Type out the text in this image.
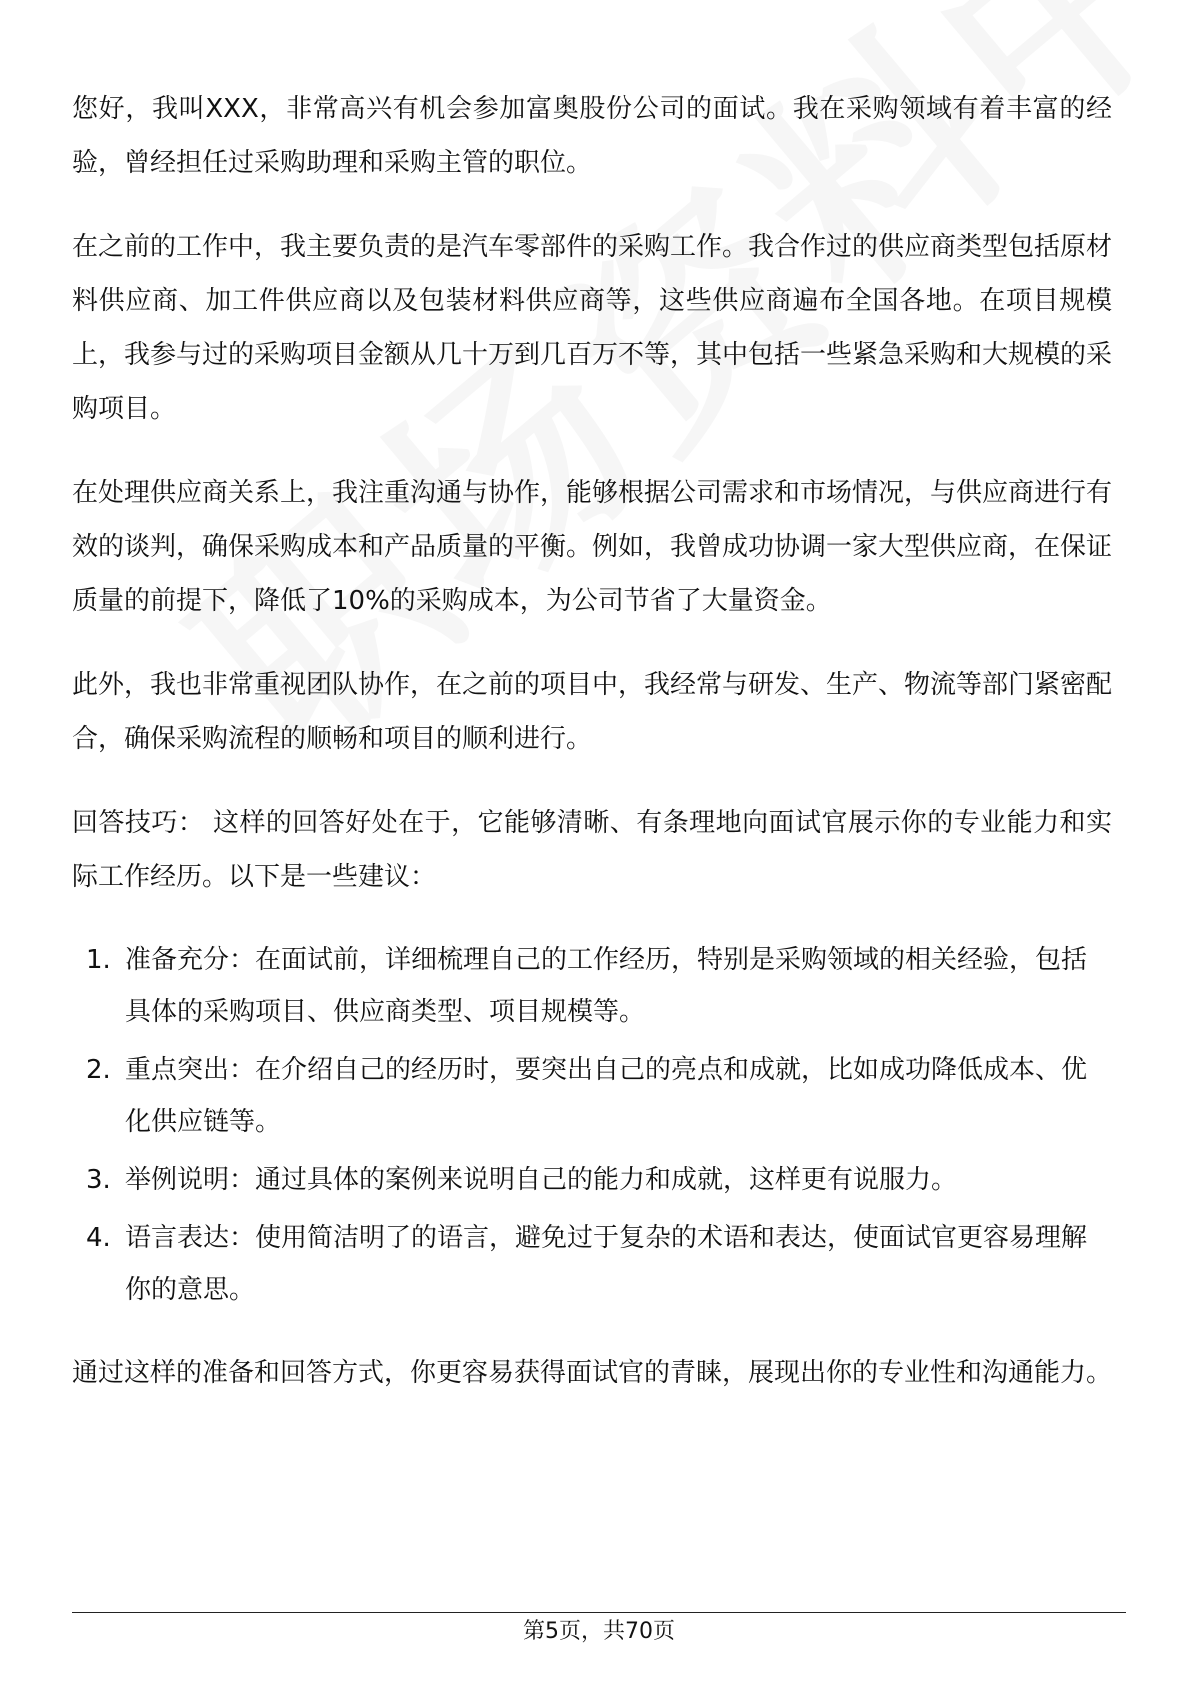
您好，我叫XXX，非常高兴有机会参加富奥股份公司的面试。我在采购领域有着丰富的经验，曾经担任过采购助理和采购主管的职位。

在之前的工作中，我主要负责的是汽车零部件的采购工作。我合作过的供应商类型包括原材料供应商、加工件供应商以及包装材料供应商等，这些供应商遍布全国各地。在项目规模上，我参与过的采购项目金额从几十万到几百万不等，其中包括一些紧急采购和大规模的采购项目。

在处理供应商关系上，我注重沟通与协作，能够根据公司需求和市场情况，与供应商进行有效的谈判，确保采购成本和产品质量的平衡。例如，我曾成功协调一家大型供应商，在保证质量的前提下，降低了10%的采购成本，为公司节省了大量资金。

此外，我也非常重视团队协作，在之前的项目中，我经常与研发、生产、物流等部门紧密配合，确保采购流程的顺畅和项目的顺利进行。

回答技巧： 这样的回答好处在于，它能够清晰、有条理地向面试官展示你的专业能力和实际工作经历。以下是一些建议：

1. 准备充分：在面试前，详细梳理自己的工作经历，特别是采购领域的相关经验，包括具体的采购项目、供应商类型、项目规模等。
2. 重点突出：在介绍自己的经历时，要突出自己的亮点和成就，比如成功降低成本、优化供应链等。
3. 举例说明：通过具体的案例来说明自己的能力和成就，这样更有说服力。
4. 语言表达：使用简洁明了的语言，避免过于复杂的术语和表达，使面试官更容易理解你的意思。

通过这样的准备和回答方式，你更容易获得面试官的青睐，展现出你的专业性和沟通能力。

第5页，共70页
